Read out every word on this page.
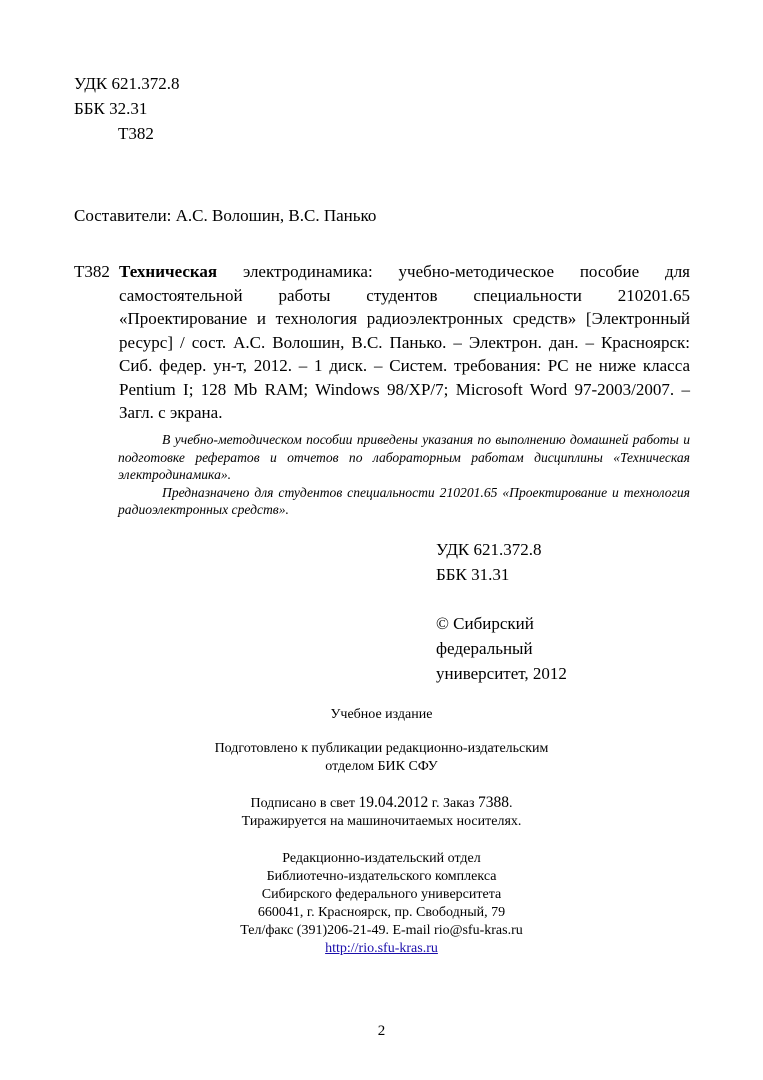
УДК 621.372.8
ББК 32.31
Т382
Составители: А.С. Волошин, В.С. Панько
Т382 Техническая электродинамика: учебно-методическое пособие для самостоятельной работы студентов специальности 210201.65 «Проектирование и технология радиоэлектронных средств» [Электронный ресурс] / сост. А.С. Волошин, В.С. Панько. – Электрон. дан. – Красноярск: Сиб. федер. ун-т, 2012. – 1 диск. – Систем. требования: PC не ниже класса Pentium I; 128 Mb RAM; Windows 98/XP/7; Microsoft Word 97-2003/2007. – Загл. с экрана.

В учебно-методическом пособии приведены указания по выполнению домашней работы и подготовке рефератов и отчетов по лабораторным работам дисциплины «Техническая электродинамика».

Предназначено для студентов специальности 210201.65 «Проектирование и технология радиоэлектронных средств».

УДК 621.372.8
ББК 31.31
© Сибирский
федеральный
университет, 2012
Учебное издание
Подготовлено к публикации редакционно-издательским
отделом БИК СФУ
Подписано в свет 19.04.2012 г. Заказ 7388.
Тиражируется на машиночитаемых носителях.
Редакционно-издательский отдел
Библиотечно-издательского комплекса
Сибирского федерального университета
660041, г. Красноярск, пр. Свободный, 79
Тел/факс (391)206-21-49. E-mail rio@sfu-kras.ru
http://rio.sfu-kras.ru
2
